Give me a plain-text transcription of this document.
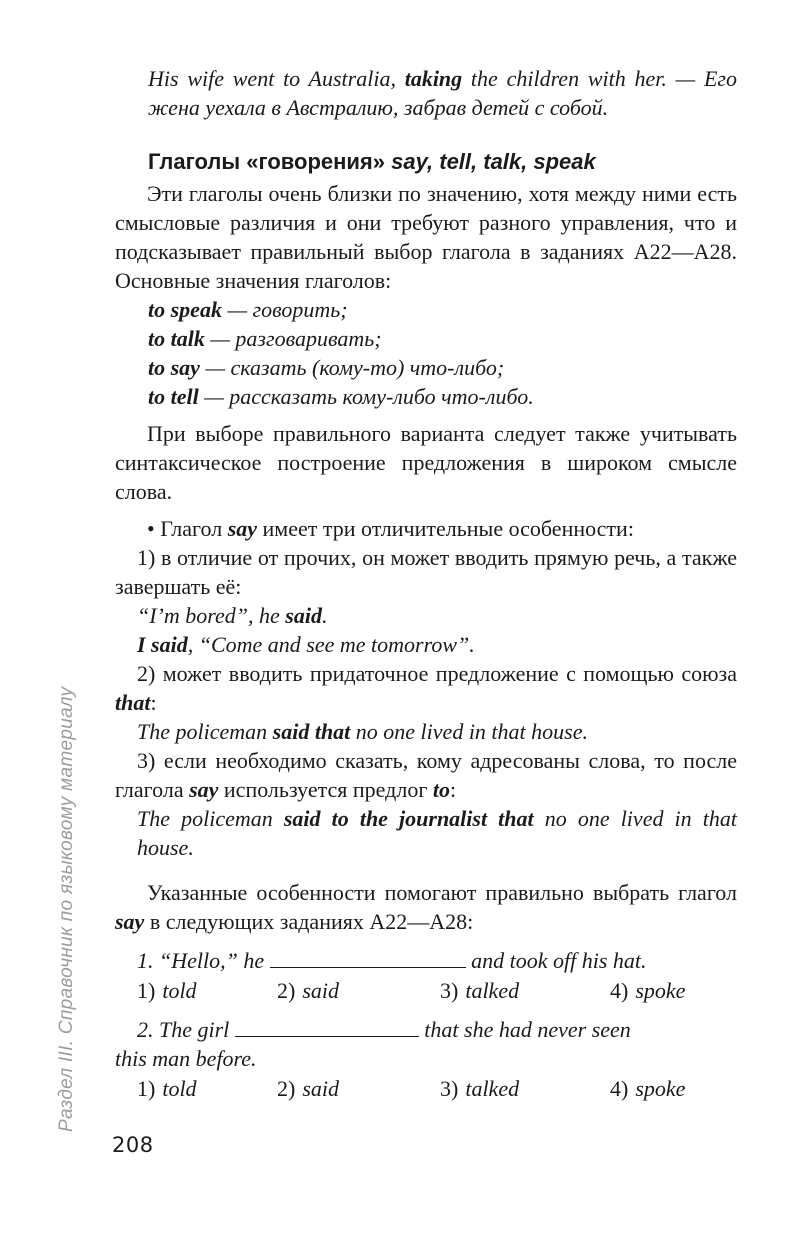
Раздел III. Справочник по языковому материалу

His wife went to Australia, taking the children with her. — Его жена уехала в Австралию, забрав детей с собой.

Глаголы «говорения» say, tell, talk, speak

Эти глаголы очень близки по значению, хотя между ними есть смысловые различия и они требуют разного управления, что и подсказывает правильный выбор глагола в заданиях А22—А28. Основные значения глаголов:

to speak — говорить;

to talk — разговаривать;

to say — сказать (кому-то) что-либо;

to tell — рассказать кому-либо что-либо.

При выборе правильного варианта следует также учитывать синтаксическое построение предложения в широком смысле слова.

• Глагол say имеет три отличительные особенности:

1) в отличие от прочих, он может вводить прямую речь, а также завершать её:

“I’m bored”, he said.

I said, “Come and see me tomorrow”.

2) может вводить придаточное предложение с помощью союза that:

The policeman said that no one lived in that house.

3) если необходимо сказать, кому адресованы слова, то после глагола say используется предлог to:

The policeman said to the journalist that no one lived in that house.

Указанные особенности помогают правильно выбрать глагол say в следующих заданиях А22—А28:

1. “Hello,” he	and took off his hat.

1) told	2) said	3) talked	4) spoke

2. The girl	that she had never seen
this man before.

1) told	2) said	3) talked	4) spoke
208
